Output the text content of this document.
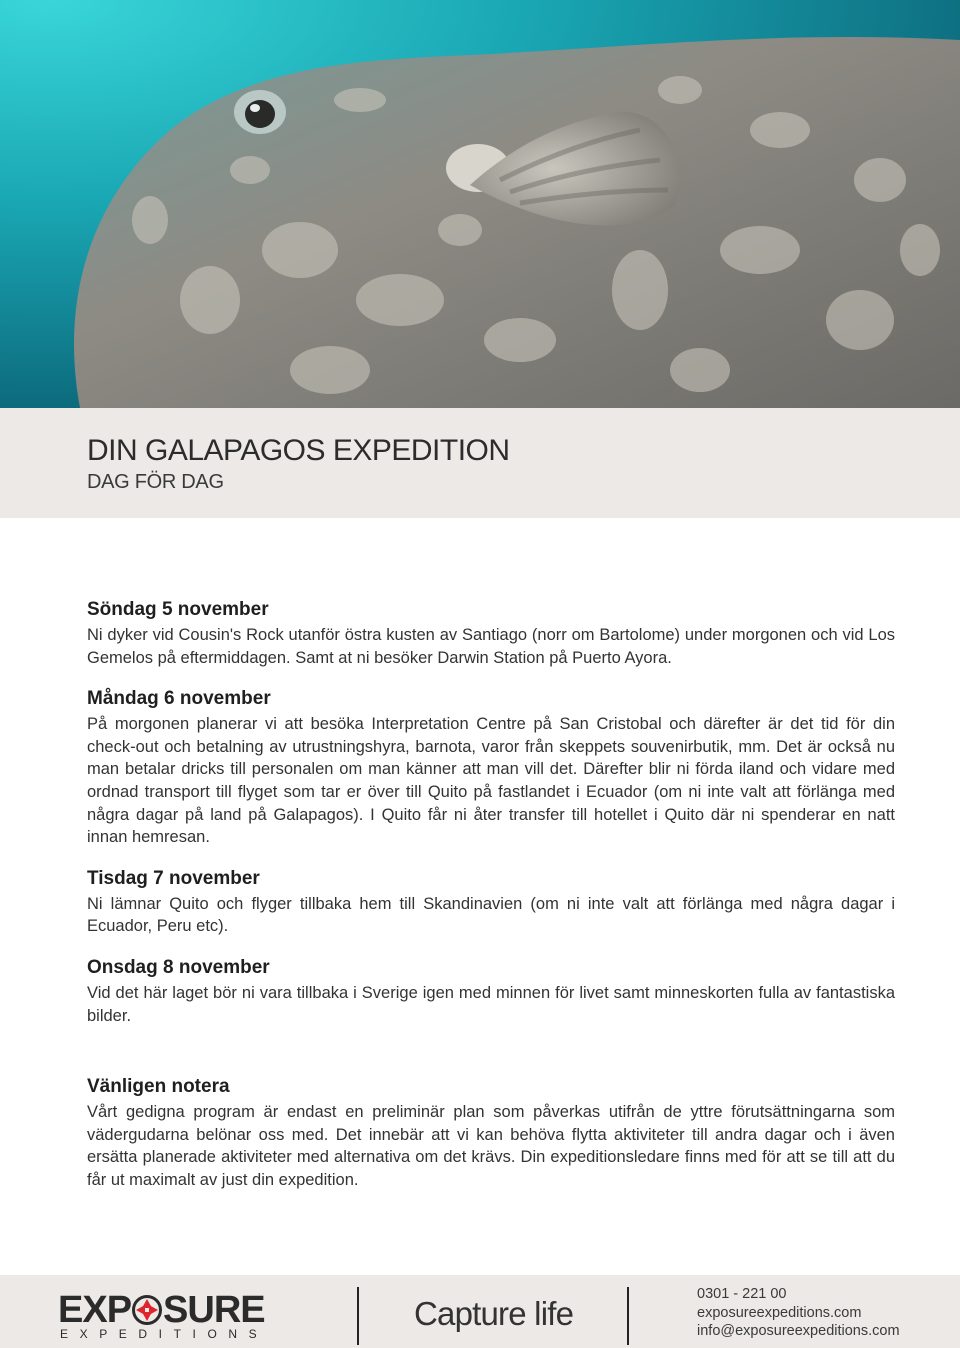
DIN GALAPAGOS EXPEDITION
DAG FÖR DAG
Söndag 5 november

Ni dyker vid Cousin's Rock utanför östra kusten av Santiago (norr om Bartolome) under morgonen och vid Los Gemelos på eftermiddagen. Samt at ni besöker Darwin Station på Puerto Ayora.

Måndag 6 november

På morgonen planerar vi att besöka Interpretation Centre på San Cristobal och därefter är det tid för din check-out och betalning av utrustningshyra, barnota, varor från skeppets souvenirbutik, mm. Det är också nu man betalar dricks till personalen om man känner att man vill det. Därefter blir ni förda iland och vidare med ordnad transport till flyget som tar er över till Quito på fastlandet i Ecuador (om ni inte valt att förlänga med några dagar på land på Galapagos). I Quito får ni åter transfer till hotellet i Quito där ni spenderar en natt innan hemresan.

Tisdag 7 november

Ni lämnar Quito och flyger tillbaka hem till Skandinavien (om ni inte valt att förlänga med några dagar i Ecuador, Peru etc).

Onsdag 8 november

Vid det här laget bör ni vara tillbaka i Sverige igen med minnen för livet samt minneskorten fulla av fantastiska bilder.

Vänligen notera

Vårt gedigna program är endast en preliminär plan som påverkas utifrån de yttre förutsättningarna som vädergudarna belönar oss med. Det innebär att vi kan behöva flytta aktiviteter till andra dagar och i även ersätta planerade aktiviteter med alternativa om det krävs. Din expeditionsledare finns med för att se till att du får ut maximalt av just din expedition.

EXP SURE
EXPEDITIONS
Capture life
0301 - 221 00
exposureexpeditions.com
info@exposureexpeditions.com
